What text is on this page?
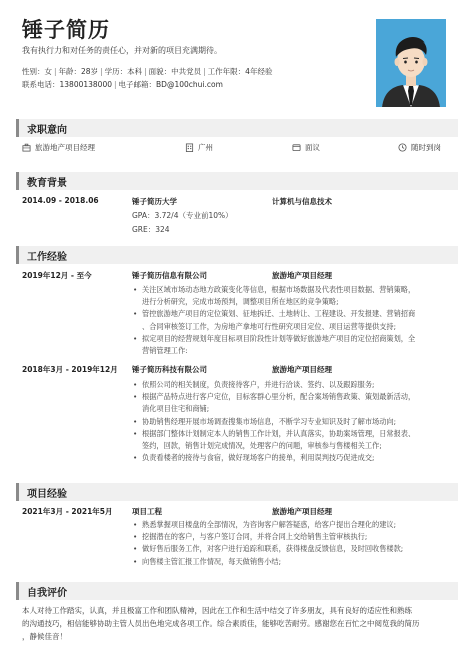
锤子简历
我有执行力和对任务的责任心，并对新的项目充满期待。
性别：女 | 年龄：28岁 | 学历：本科 | 面貌：中共党员 | 工作年限：4年经验
联系电话：13800138000 | 电子邮箱：BD@100chui.com
求职意向
旅游地产项目经理	广州	面议	随时到岗
教育背景
2014.09 - 2018.06	锤子简历大学	计算机与信息技术
GPA：3.72/4（专业前10%）
GRE：324
工作经验
2019年12月 - 至今	锤子简历信息有限公司	旅游地产项目经理
• 关注区域市场动态地方政策变化等信息，根据市场数据及代表性项目数据、营销策略，
进行分析研究，完成市场预判，调整项目所在地区的竞争策略;
• 管控旅游地产项目的定位策划、征地拆迁、土地转让、工程建设、开发报建、营销招商
、合同审核签订工作，为房地产拿地可行性研究项目定位、项目运营等提供支持;
• 拟定项目的经营规划年度目标项目阶段性计划等做好旅游地产项目的定位招商策划，全
营销管理工作:
2018年3月 - 2019年12月 锤子简历科技有限公司	旅游地产项目经理
• 依照公司的相关制度，负责接待客户，并进行洽谈、签约、以及跟踪服务;
• 根据产品特点进行客户定位，目标客群心里分析，配合案场销售政策、策划最新活动，
消化项目住宅和商铺;
• 协助销售经理开展市场调查搜集市场信息，不断学习专业知识及时了解市场动向;
• 根据部门整体计划制定本人的销售工作计划，并认真落实，协助案场管理，日常报表、
签约，回款，销售计划完成情况，处理客户的问题，审核参与售楼相关工作;
• 负责看楼者的接待与食宿，做好现场客户的接单，利用误判技巧促进成交;
项目经验
2021年3月 - 2021年5月	项目工程	旅游地产项目经理
• 熟悉掌握项目楼盘的全部情况，为咨询客户解答疑惑，给客户提出合理化的建议;
• 挖掘潜在的客户，与客户签订合同，并将合同上交给销售主管审核执行;
• 做好售后服务工作，对客户进行追踪和联系，获得楼盘反馈信息，及时回收售楼款;
• 向售楼主管汇报工作情况，每天做销售小结;
自我评价
本人对待工作踏实，认真，并且极富工作和团队精神，因此在工作和生活中结交了许多朋友，具有良好的适应性和熟练
的沟通技巧，相信能够协助主管人员出色地完成各项工作。综合素质佳，能够吃苦耐劳。感谢您在百忙之中阅览我的简历
，静候佳音！
